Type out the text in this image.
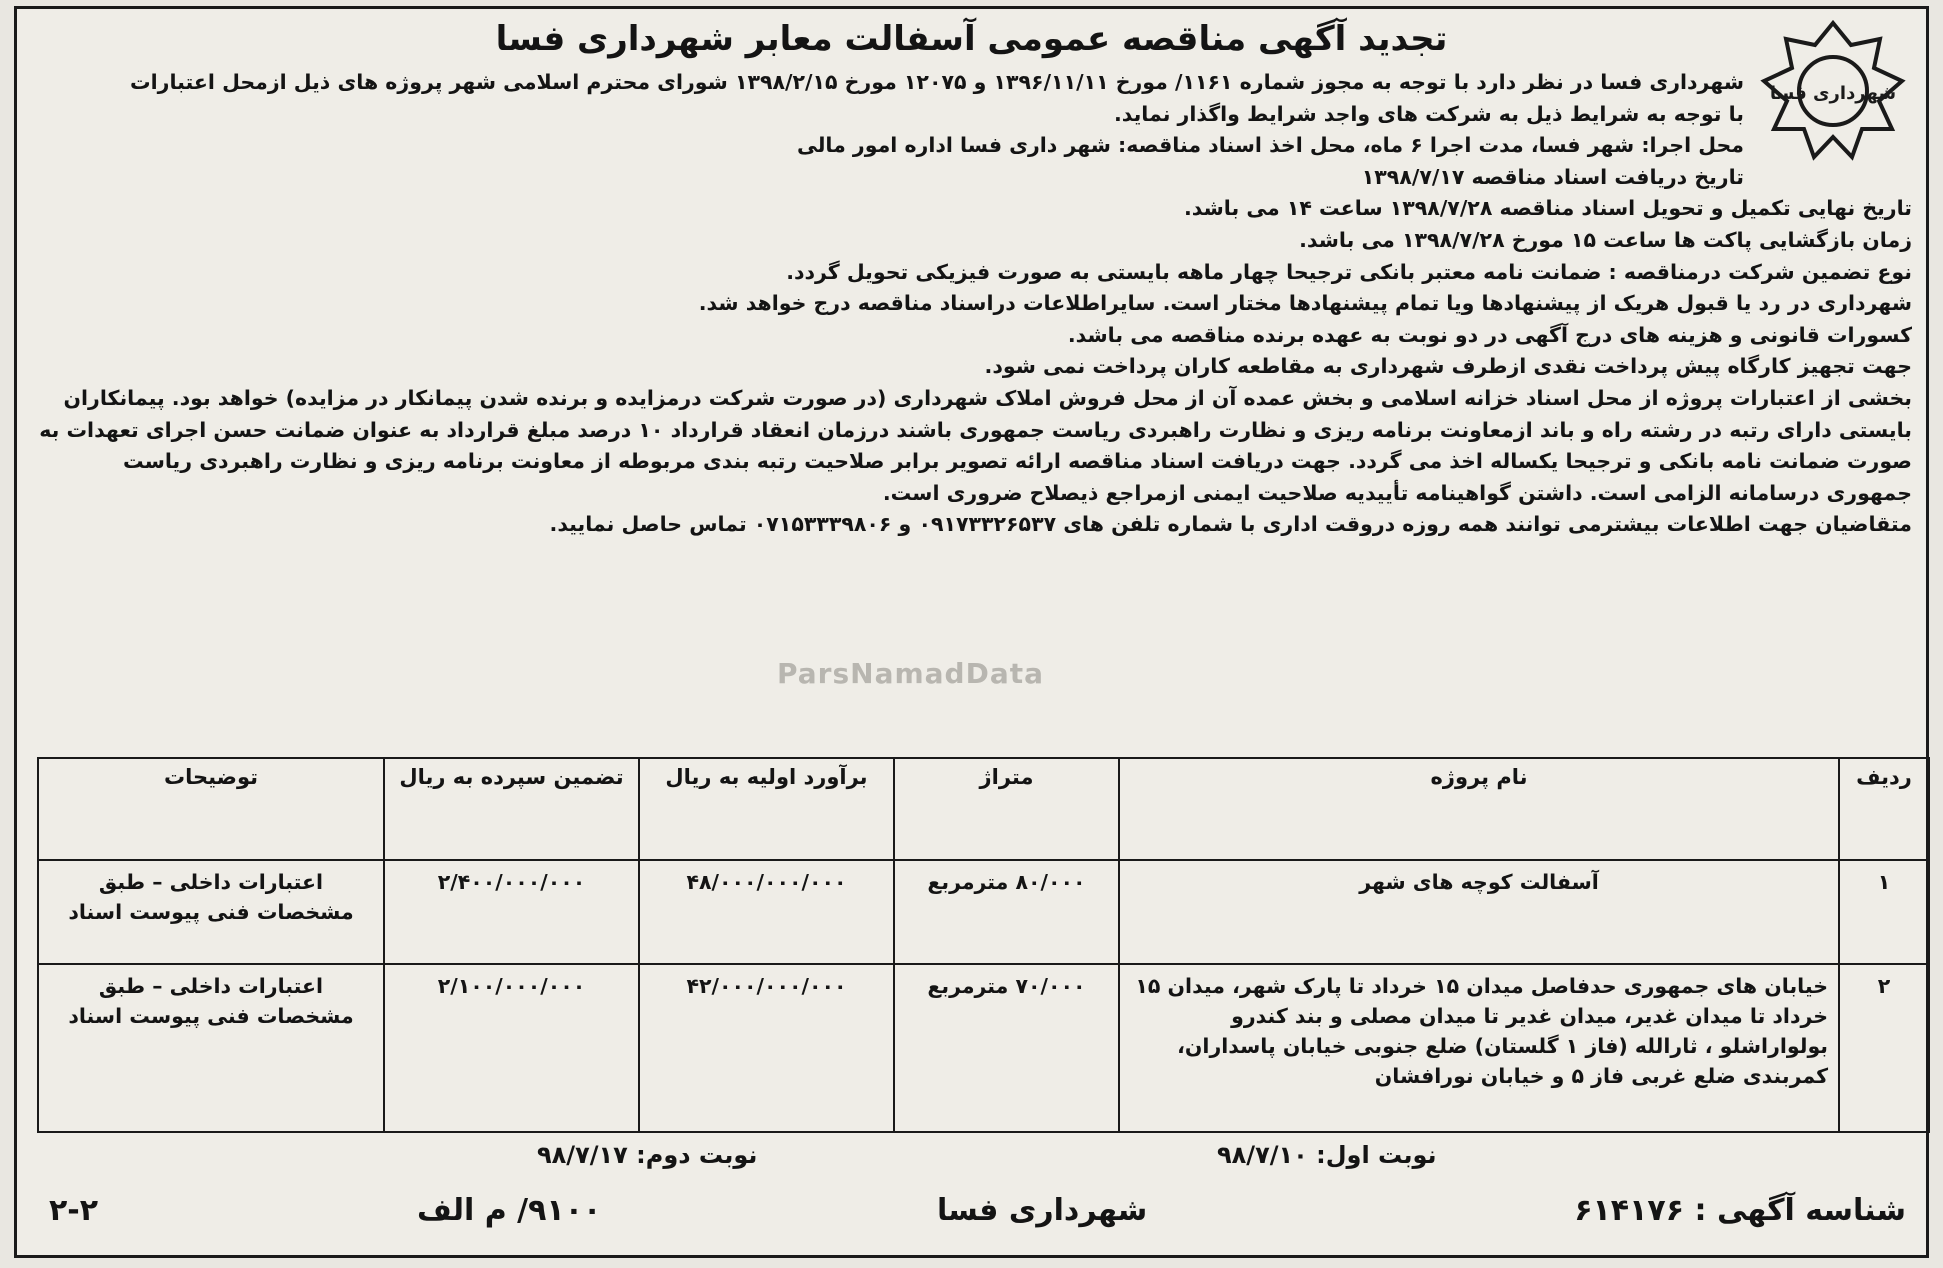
شهرداری فسا
تجدید آگهی مناقصه عمومی آسفالت معابر شهرداری فسا

شهرداری فسا در نظر دارد با توجه به مجوز شماره ۱۱۶۱/ مورخ ۱۳۹۶/۱۱/۱۱ و ۱۲۰۷۵ مورخ ۱۳۹۸/۲/۱۵ شورای محترم اسلامی شهر پروژه های ذیل ازمحل اعتبارات

با توجه به شرایط ذیل به شرکت های واجد شرایط واگذار نماید.

محل اجرا: شهر فسا، مدت اجرا ۶ ماه، محل اخذ اسناد مناقصه: شهر داری فسا اداره امور مالی

تاریخ دریافت اسناد مناقصه ۱۳۹۸/۷/۱۷

تاریخ نهایی تکمیل و تحویل اسناد مناقصه ۱۳۹۸/۷/۲۸ ساعت ۱۴ می باشد.

زمان بازگشایی پاکت ها ساعت ۱۵ مورخ ۱۳۹۸/۷/۲۸ می باشد.

نوع تضمین شرکت درمناقصه : ضمانت نامه معتبر بانکی ترجیحا چهار ماهه بایستی به صورت فیزیکی تحویل گردد.

شهرداری در رد یا قبول هریک از پیشنهادها ویا تمام پیشنهادها مختار است. سایراطلاعات دراسناد مناقصه درج خواهد شد.

کسورات قانونی و هزینه های درج آگهی در دو نوبت به عهده برنده مناقصه می باشد.

جهت تجهیز کارگاه پیش پرداخت نقدی ازطرف شهرداری به مقاطعه کاران پرداخت نمی شود.

بخشی از اعتبارات پروژه از محل اسناد خزانه اسلامی و بخش عمده آن از محل فروش املاک شهرداری (در صورت شرکت درمزایده و برنده شدن پیمانکار در مزایده) خواهد بود. پیمانکاران بایستی دارای رتبه در رشته راه و باند ازمعاونت برنامه ریزی و نظارت راهبردی ریاست جمهوری باشند درزمان انعقاد قرارداد ۱۰ درصد مبلغ قرارداد به عنوان ضمانت حسن اجرای تعهدات به صورت ضمانت نامه بانکی و ترجیحا یکساله اخذ می گردد. جهت دریافت اسناد مناقصه ارائه تصویر برابر صلاحیت رتبه بندی مربوطه از معاونت برنامه ریزی و نظارت راهبردی ریاست جمهوری درسامانه الزامی است. داشتن گواهینامه تأییدیه صلاحیت ایمنی ازمراجع ذیصلاح ضروری است.

متقاضیان جهت اطلاعات بیشترمی توانند همه روزه دروقت اداری با شماره تلفن های ۰۹۱۷۳۳۲۶۵۳۷ و ۰۷۱۵۳۳۳۹۸۰۶ تماس حاصل نمایید.

ParsNamadData
ردیف	نام پروژه	متراژ	برآورد اولیه به ریال	تضمین سپرده به ریال	توضیحات
۱	آسفالت کوچه های شهر	۸۰/۰۰۰ مترمربع	۴۸/۰۰۰/۰۰۰/۰۰۰	۲/۴۰۰/۰۰۰/۰۰۰	اعتبارات داخلی – طبق مشخصات فنی پیوست اسناد
۲	خیابان های جمهوری حدفاصل میدان ۱۵ خرداد تا پارک شهر، میدان ۱۵ خرداد تا میدان غدیر، میدان غدیر تا میدان مصلی و بند کندرو بولواراشلو ، ثارالله (فاز ۱ گلستان) ضلع جنوبی خیابان پاسداران، کمربندی ضلع غربی فاز ۵ و خیابان نورافشان	۷۰/۰۰۰ مترمربع	۴۲/۰۰۰/۰۰۰/۰۰۰	۲/۱۰۰/۰۰۰/۰۰۰	اعتبارات داخلی – طبق مشخصات فنی پیوست اسناد
نوبت دوم: ۹۸/۷/۱۷	نوبت اول: ۹۸/۷/۱۰
شناسه آگهی : ۶۱۴۱۷۶
شهرداری فسا
۹۱۰۰/ م الف
۲-۲
